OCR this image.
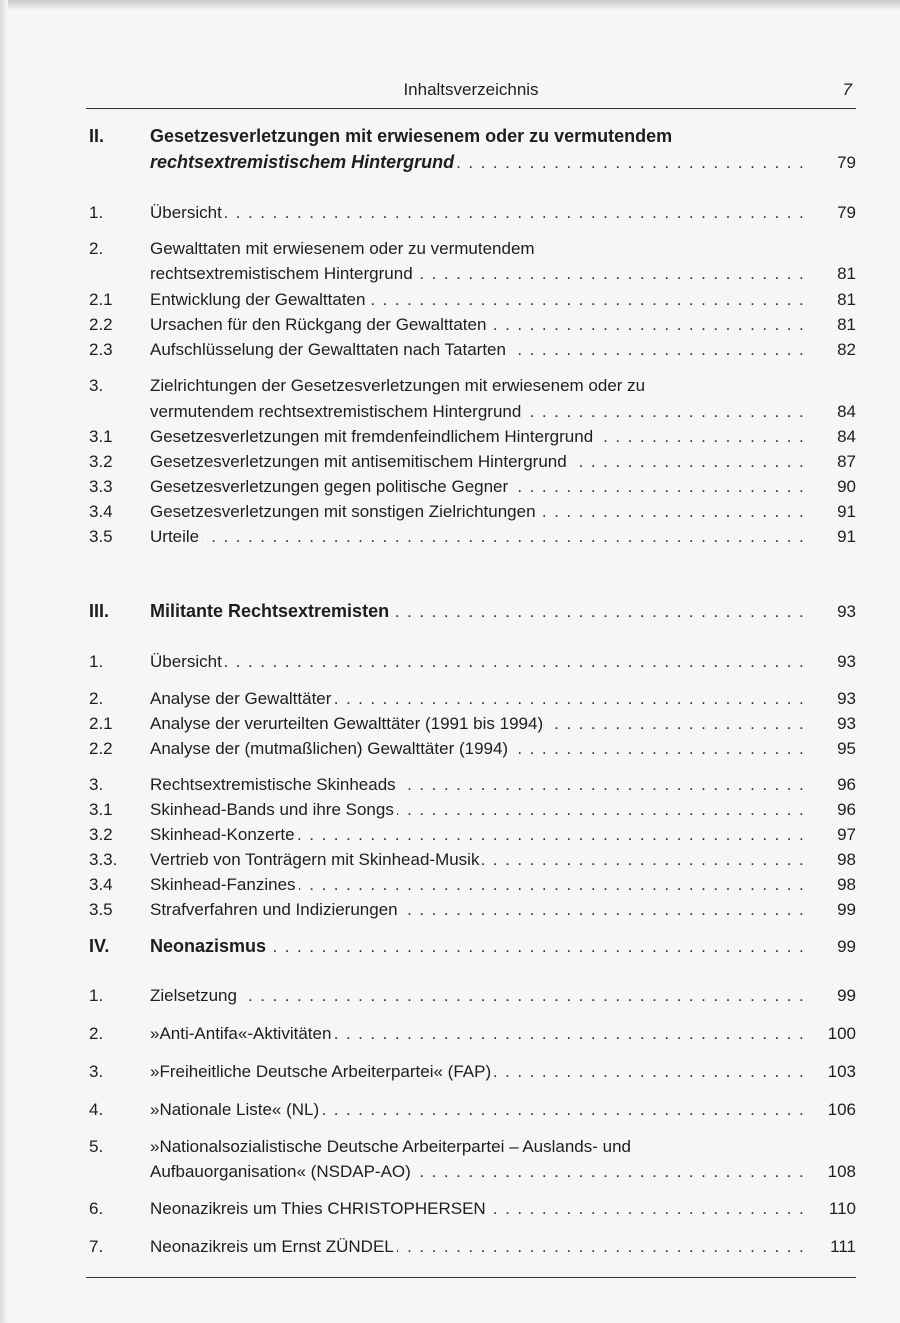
Inhaltsverzeichnis	7
II.	Gesetzesverletzungen mit erwiesenem oder zu vermutendem
rechtsextremistischem Hintergrund . . .	79
1.	Übersicht . . .	79
2.	Gewalttaten mit erwiesenem oder zu vermutendem
rechtsextremistischem Hintergrund . . .	81
2.1 Entwicklung der Gewalttaten . . .	81
2.2 Ursachen für den Rückgang der Gewalttaten . . .	81
2.3 Aufschlüsselung der Gewalttaten nach Tatarten . . .	82
3.	Zielrichtungen der Gesetzesverletzungen mit erwiesenem oder zu
vermutendem rechtsextremistischem Hintergrund . . .	84
3.1 Gesetzesverletzungen mit fremdenfeindlichem Hintergrund . . .	84
3.2 Gesetzesverletzungen mit antisemitischem Hintergrund . . .	87
3.3 Gesetzesverletzungen gegen politische Gegner . . .	90
3.4 Gesetzesverletzungen mit sonstigen Zielrichtungen . . .	91
3.5 Urteile . . .	91
III. Militante Rechtsextremisten . . .	93
1.	Übersicht . . .	93
2.	Analyse der Gewalttäter . . .	93
2.1 Analyse der verurteilten Gewalttäter (1991 bis 1994) . . .	93
2.2 Analyse der (mutmaßlichen) Gewalttäter (1994) . . .	95
3.	Rechtsextremistische Skinheads . . .	96
3.1 Skinhead-Bands und ihre Songs . . .	96
3.2 Skinhead-Konzerte . . .	97
3.3. Vertrieb von Tonträgern mit Skinhead-Musik . . .	98
3.4 Skinhead-Fanzines . . .	98
3.5 Strafverfahren und Indizierungen . . .	99
IV. Neonazismus . . .	99
1.	Zielsetzung . . .	99
2.	»Anti-Antifa«-Aktivitäten . . .	100
3.	»Freiheitliche Deutsche Arbeiterpartei« (FAP) . . .	103
4.	»Nationale Liste« (NL) . . .	106
5.	»Nationalsozialistische Deutsche Arbeiterpartei – Auslands- und
Aufbauorganisation« (NSDAP-AO) . . .	108
6.	Neonazikreis um Thies CHRISTOPHERSEN . . .	110
7.	Neonazikreis um Ernst ZÜNDEL . . .	111
